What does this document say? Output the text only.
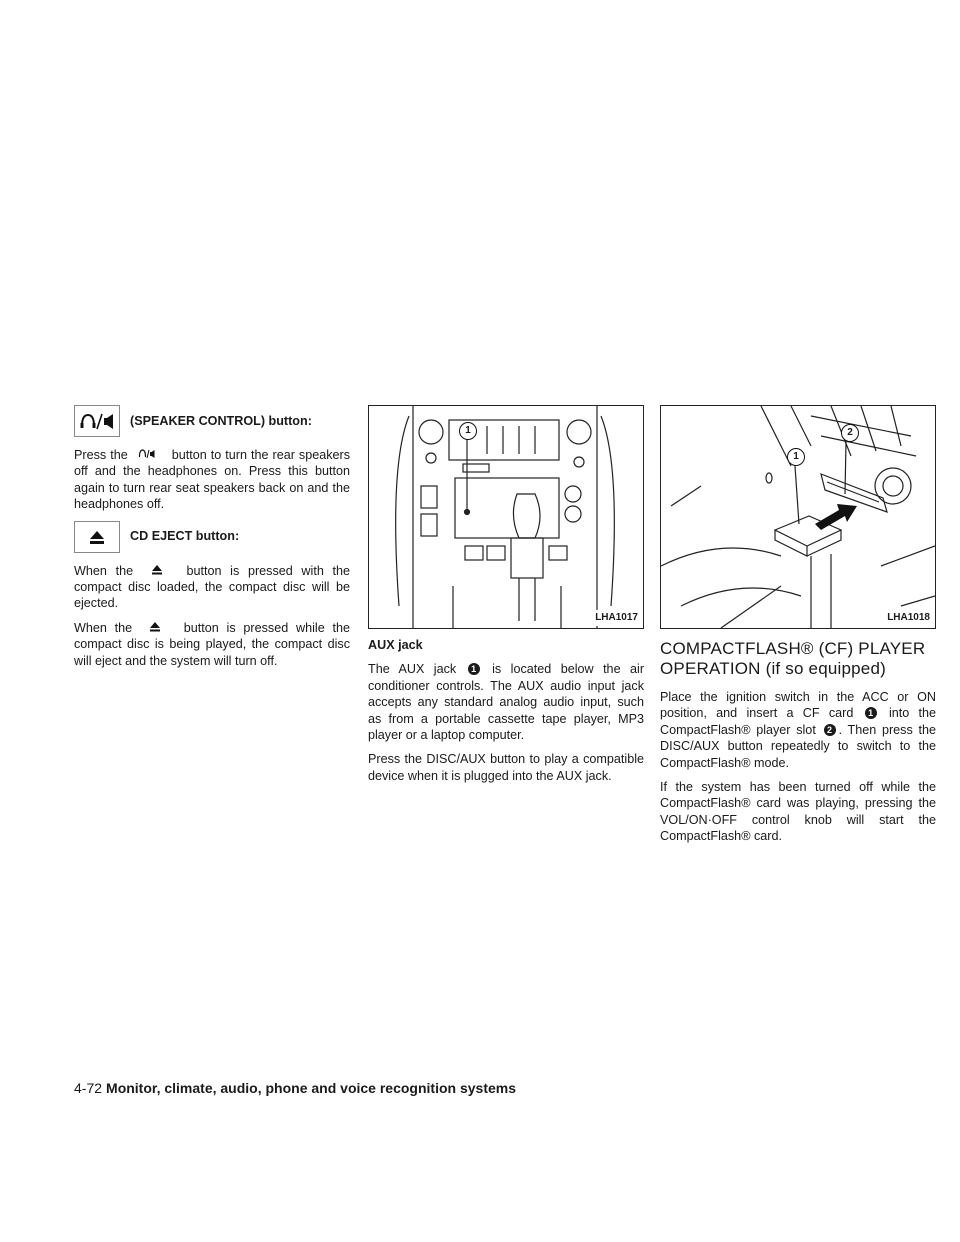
(SPEAKER CONTROL) button:

Press the	button to turn the rear speakers off and the headphones on. Press this button again to turn rear seat speakers back on and the headphones off.

CD EJECT button:

When the	button is pressed with the compact disc loaded, the compact disc will be ejected.

When the	button is pressed while the compact disc is being played, the compact disc will eject and the system will turn off.

1
LHA1017
AUX jack

The AUX jack 1 is located below the air conditioner controls. The AUX audio input jack accepts any standard analog audio input, such as from a portable cassette tape player, MP3 player or a laptop computer.

Press the DISC/AUX button to play a compatible device when it is plugged into the AUX jack.

1
2
LHA1018
COMPACTFLASH® (CF) PLAYER OPERATION (if so equipped)

Place the ignition switch in the ACC or ON position, and insert a CF card 1 into the CompactFlash® player slot 2 . Then press the DISC/AUX button repeatedly to switch to the CompactFlash® mode.

If the system has been turned off while the CompactFlash® card was playing, pressing the VOL/ON·OFF control knob will start the CompactFlash® card.

4-72 Monitor, climate, audio, phone and voice recognition systems
